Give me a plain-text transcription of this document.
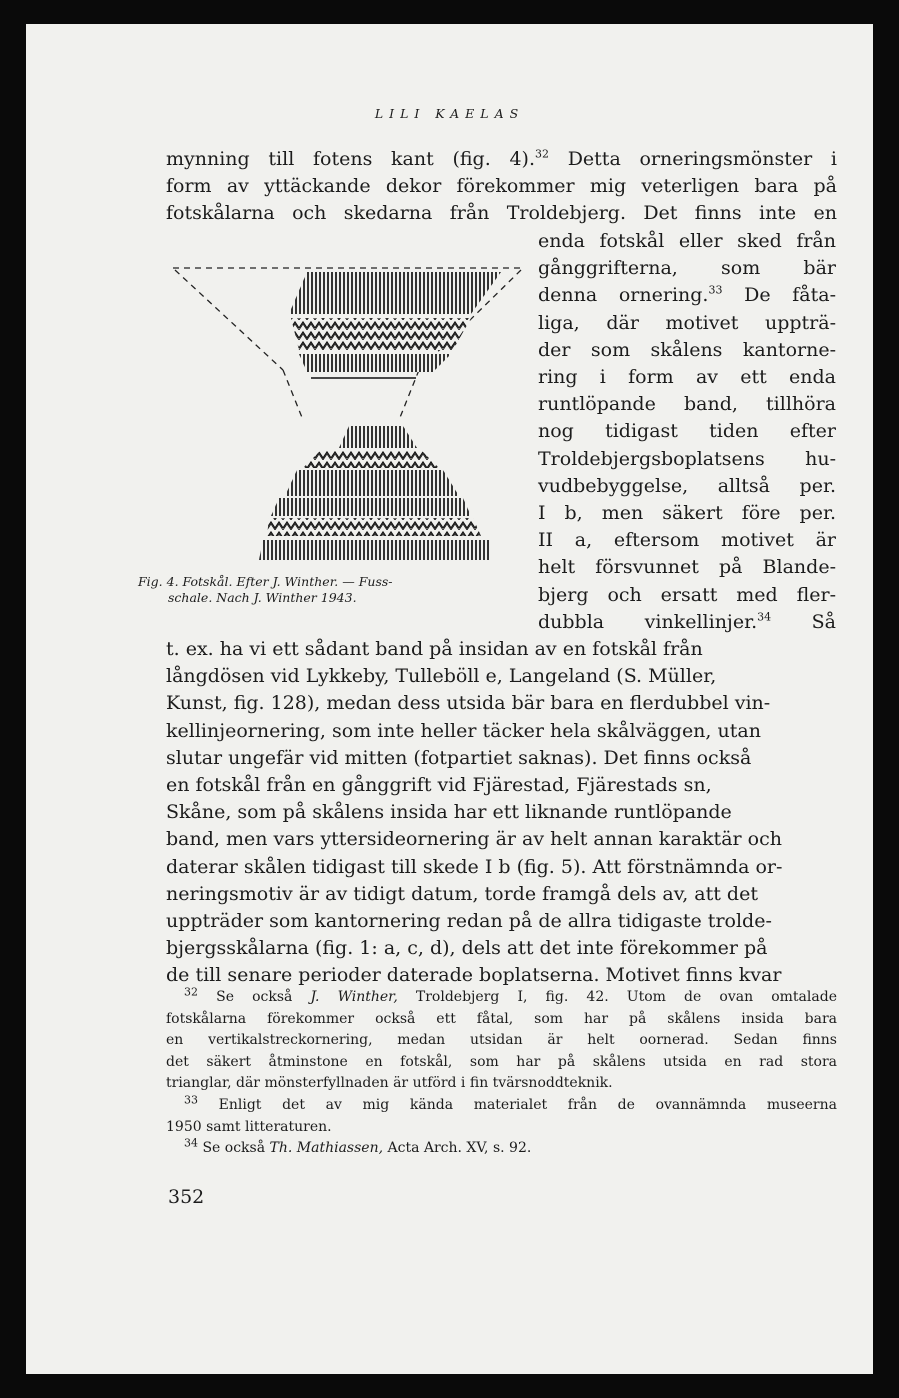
LILI KAELAS

mynning till fotens kant (fig. 4).$^{32}$ Detta orneringsmönster i
form av yttäckande dekor förekommer mig veterligen bara på
fotskålarna och skedarna från Troldebjerg. Det finns inte en

enda fotskål eller sked från
gånggrifterna, som bär
denna ornering.$^{33}$ De fåta-
liga, där motivet uppträ-
der som skålens kantorne-
ring i form av ett enda
runtlöpande band, tillhöra
nog tidigast tiden efter
Troldebjergsboplatsens hu-
vudbebyggelse, alltså per.
I b, men säkert före per.
II a, eftersom motivet är
helt försvunnet på Blande-
bjerg och ersatt med fler-
dubbla vinkellinjer.$^{34}$ Så

Fig. 4. Fotskål. Efter J. Winther. — Fuss-
schale. Nach J. Winther 1943.

t. ex. ha vi ett sådant band på insidan av en fotskål från
långdösen vid Lykkeby, Tulleböll e, Langeland (S. Müller,
Kunst, fig. 128), medan dess utsida bär bara en flerdubbel vin-
kellinjeornering, som inte heller täcker hela skålväggen, utan
slutar ungefär vid mitten (fotpartiet saknas). Det finns också
en fotskål från en gånggrift vid Fjärestad, Fjärestads sn,
Skåne, som på skålens insida har ett liknande runtlöpande
band, men vars yttersideornering är av helt annan karaktär och
daterar skålen tidigast till skede I b (fig. 5). Att förstnämnda or-
neringsmotiv är av tidigt datum, torde framgå dels av, att det
uppträder som kantornering redan på de allra tidigaste trolde-
bjergsskålarna (fig. 1: a, c, d), dels att det inte förekommer på
de till senare perioder daterade boplatserna. Motivet finns kvar

$^{32}$ Se också J. Winther, Troldebjerg I, fig. 42. Utom de ovan omtalade
fotskålarna förekommer också ett fåtal, som har på skålens insida bara
en vertikalstreckornering, medan utsidan är helt oornerad. Sedan finns
det säkert åtminstone en fotskål, som har på skålens utsida en rad stora
trianglar, där mönsterfyllnaden är utförd i fin tvärsnoddteknik.
$^{33}$ Enligt det av mig kända materialet från de ovannämnda museerna
1950 samt litteraturen.
$^{34}$ Se också Th. Mathiassen, Acta Arch. XV, s. 92.
352
